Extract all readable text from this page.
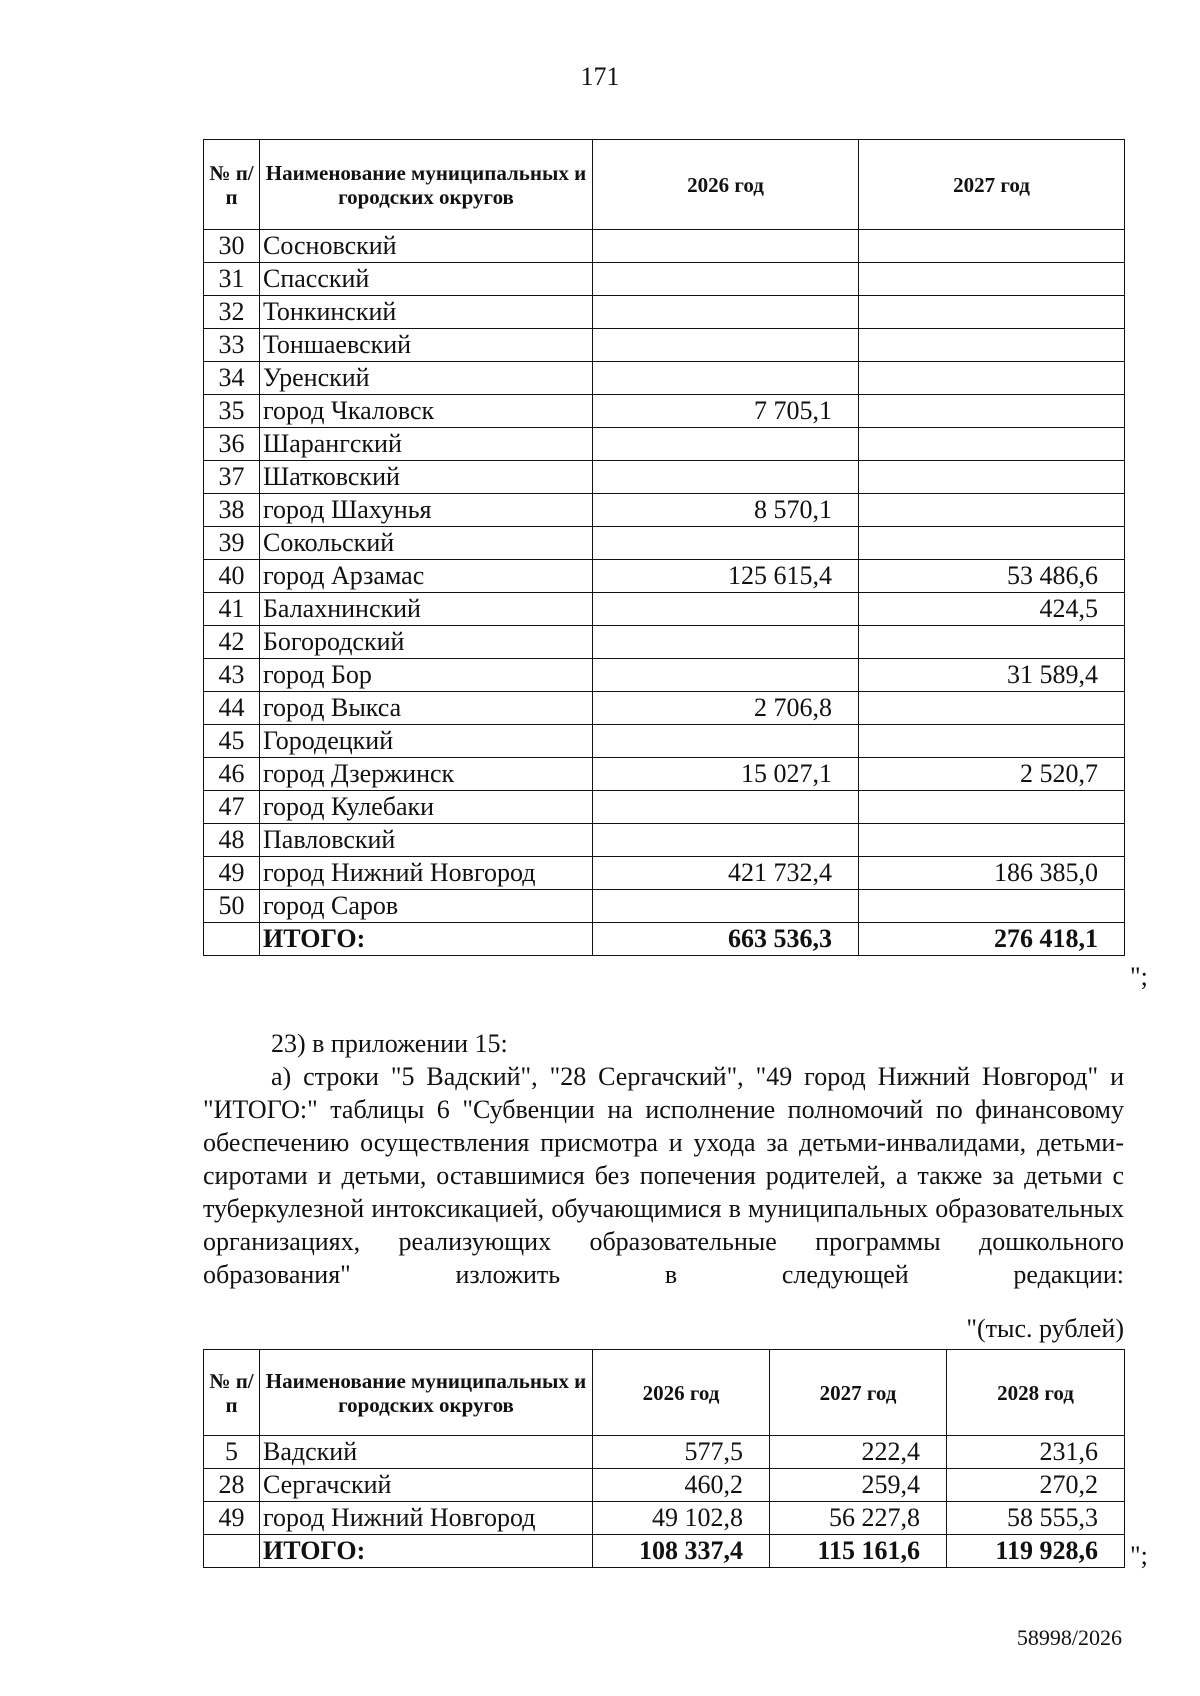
171
№ п/п	Наименование муниципальных и городских округов	2026 год	2027 год
30	Сосновский		
31	Спасский		
32	Тонкинский		
33	Тоншаевский		
34	Уренский		
35	город Чкаловск	7 705,1	
36	Шарангский		
37	Шатковский		
38	город Шахунья	8 570,1	
39	Сокольский		
40	город Арзамас	125 615,4	53 486,6
41	Балахнинский		424,5
42	Богородский		
43	город Бор		31 589,4
44	город Выкса	2 706,8	
45	Городецкий		
46	город Дзержинск	15 027,1	2 520,7
47	город Кулебаки		
48	Павловский		
49	город Нижний Новгород	421 732,4	186 385,0
50	город Саров		
	ИТОГО:	663 536,3	276 418,1
";

23) в приложении 15:

а) строки "5 Вадский", "28 Сергачский", "49 город Нижний Новгород" и "ИТОГО:" таблицы 6 "Субвенции на исполнение полномочий по финансовому обеспечению осуществления присмотра и ухода за детьми-инвалидами, детьми-сиротами и детьми, оставшимися без попечения родителей, а также за детьми с туберкулезной интоксикацией, обучающимися в муниципальных образовательных организациях, реализующих образовательные программы дошкольного образования" изложить в следующей редакции:

"(тыс. рублей)
№ п/п	Наименование муниципальных и городских округов	2026 год	2027 год	2028 год
5	Вадский	577,5	222,4	231,6
28	Сергачский	460,2	259,4	270,2
49	город Нижний Новгород	49 102,8	56 227,8	58 555,3
	ИТОГО:	108 337,4	115 161,6	119 928,6 ";
58998/2026
